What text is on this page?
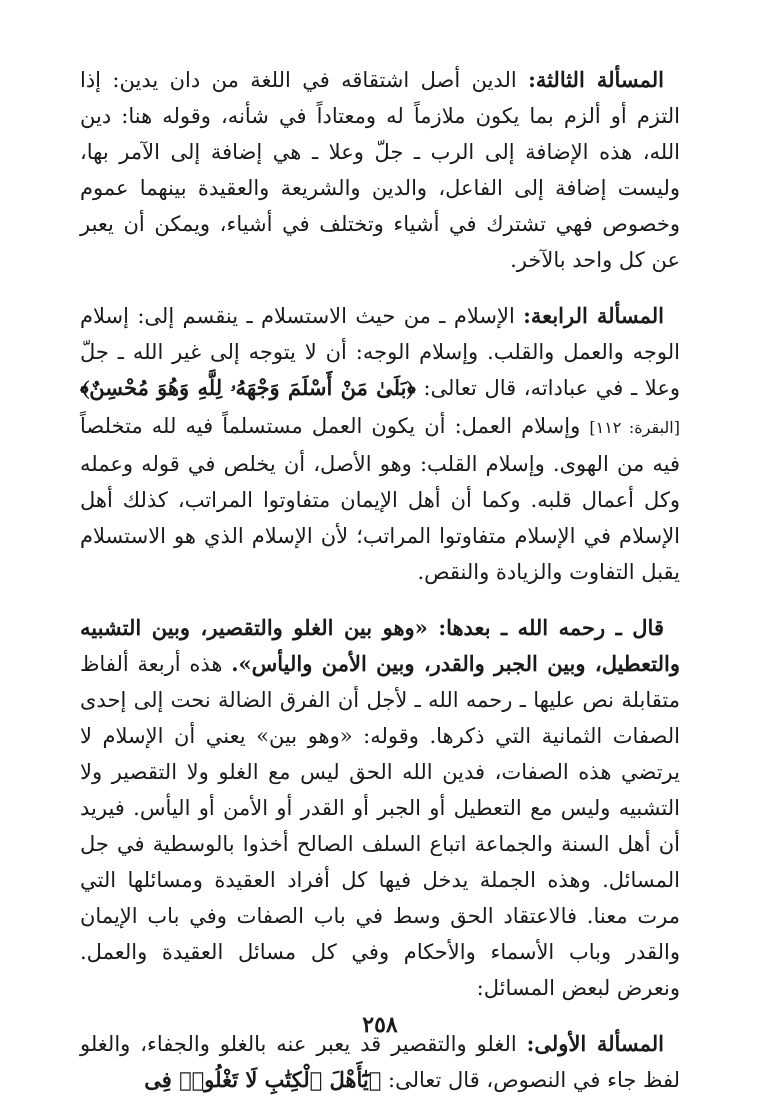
المسألة الثالثة: الدين أصل اشتقاقه في اللغة من دان يدين: إذا التزم أو ألزم بما يكون ملازماً له ومعتاداً في شأنه، وقوله هنا: دين الله، هذه الإضافة إلى الرب ـ جلّ وعلا ـ هي إضافة إلى الآمر بها، وليست إضافة إلى الفاعل، والدين والشريعة والعقيدة بينهما عموم وخصوص فهي تشترك في أشياء وتختلف في أشياء، ويمكن أن يعبر عن كل واحد بالآخر.

المسألة الرابعة: الإسلام ـ من حيث الاستسلام ـ ينقسم إلى: إسلام الوجه والعمل والقلب. وإسلام الوجه: أن لا يتوجه إلى غير الله ـ جلّ وعلا ـ في عباداته، قال تعالى: ﴿بَلَىٰ مَنْ أَسْلَمَ وَجْهَهُۥ لِلَّهِ وَهُوَ مُحْسِنٌ﴾ [البقرة: ١١٢] وإسلام العمل: أن يكون العمل مستسلماً فيه لله متخلصاً فيه من الهوى. وإسلام القلب: وهو الأصل، أن يخلص في قوله وعمله وكل أعمال قلبه. وكما أن أهل الإيمان متفاوتوا المراتب، كذلك أهل الإسلام في الإسلام متفاوتوا المراتب؛ لأن الإسلام الذي هو الاستسلام يقبل التفاوت والزيادة والنقص.

قال ـ رحمه الله ـ بعدها: «وهو بين الغلو والتقصير، وبين التشبيه والتعطيل، وبين الجبر والقدر، وبين الأمن واليأس». هذه أربعة ألفاظ متقابلة نص عليها ـ رحمه الله ـ لأجل أن الفرق الضالة نحت إلى إحدى الصفات الثمانية التي ذكرها. وقوله: «وهو بين» يعني أن الإسلام لا يرتضي هذه الصفات، فدين الله الحق ليس مع الغلو ولا التقصير ولا التشبيه وليس مع التعطيل أو الجبر أو القدر أو الأمن أو اليأس. فيريد أن أهل السنة والجماعة اتباع السلف الصالح أخذوا بالوسطية في جل المسائل. وهذه الجملة يدخل فيها كل أفراد العقيدة ومسائلها التي مرت معنا. فالاعتقاد الحق وسط في باب الصفات وفي باب الإيمان والقدر وباب الأسماء والأحكام وفي كل مسائل العقيدة والعمل. ونعرض لبعض المسائل:

المسألة الأولى: الغلو والتقصير قد يعبر عنه بالغلو والجفاء، والغلو لفظ جاء في النصوص، قال تعالى: ﴿يَٰٓأَهْلَ ٱلْكِتَٰبِ لَا تَغْلُوا۟ فِى

٢٥٨
